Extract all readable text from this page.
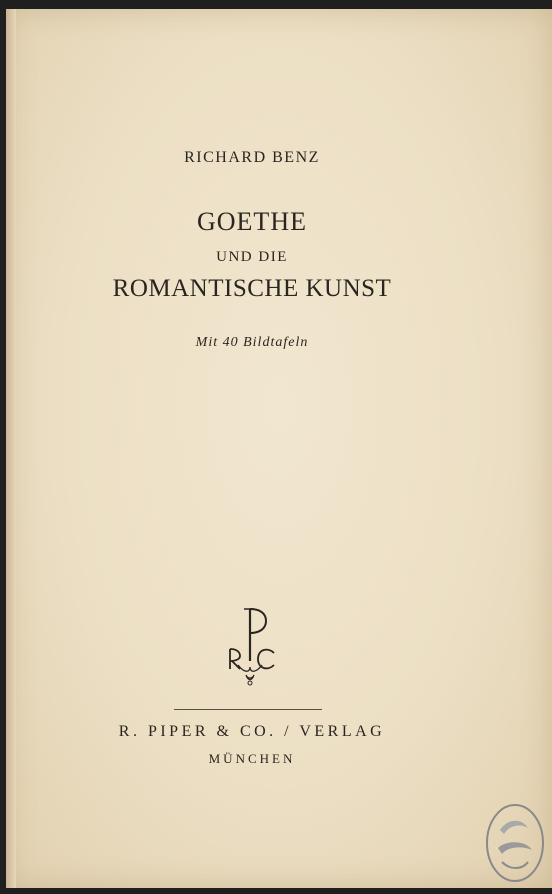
RICHARD BENZ
GOETHE
UND DIE
ROMANTISCHE KUNST
Mit 40 Bildtafeln
R. PIPER & CO. / VERLAG
MÜNCHEN
